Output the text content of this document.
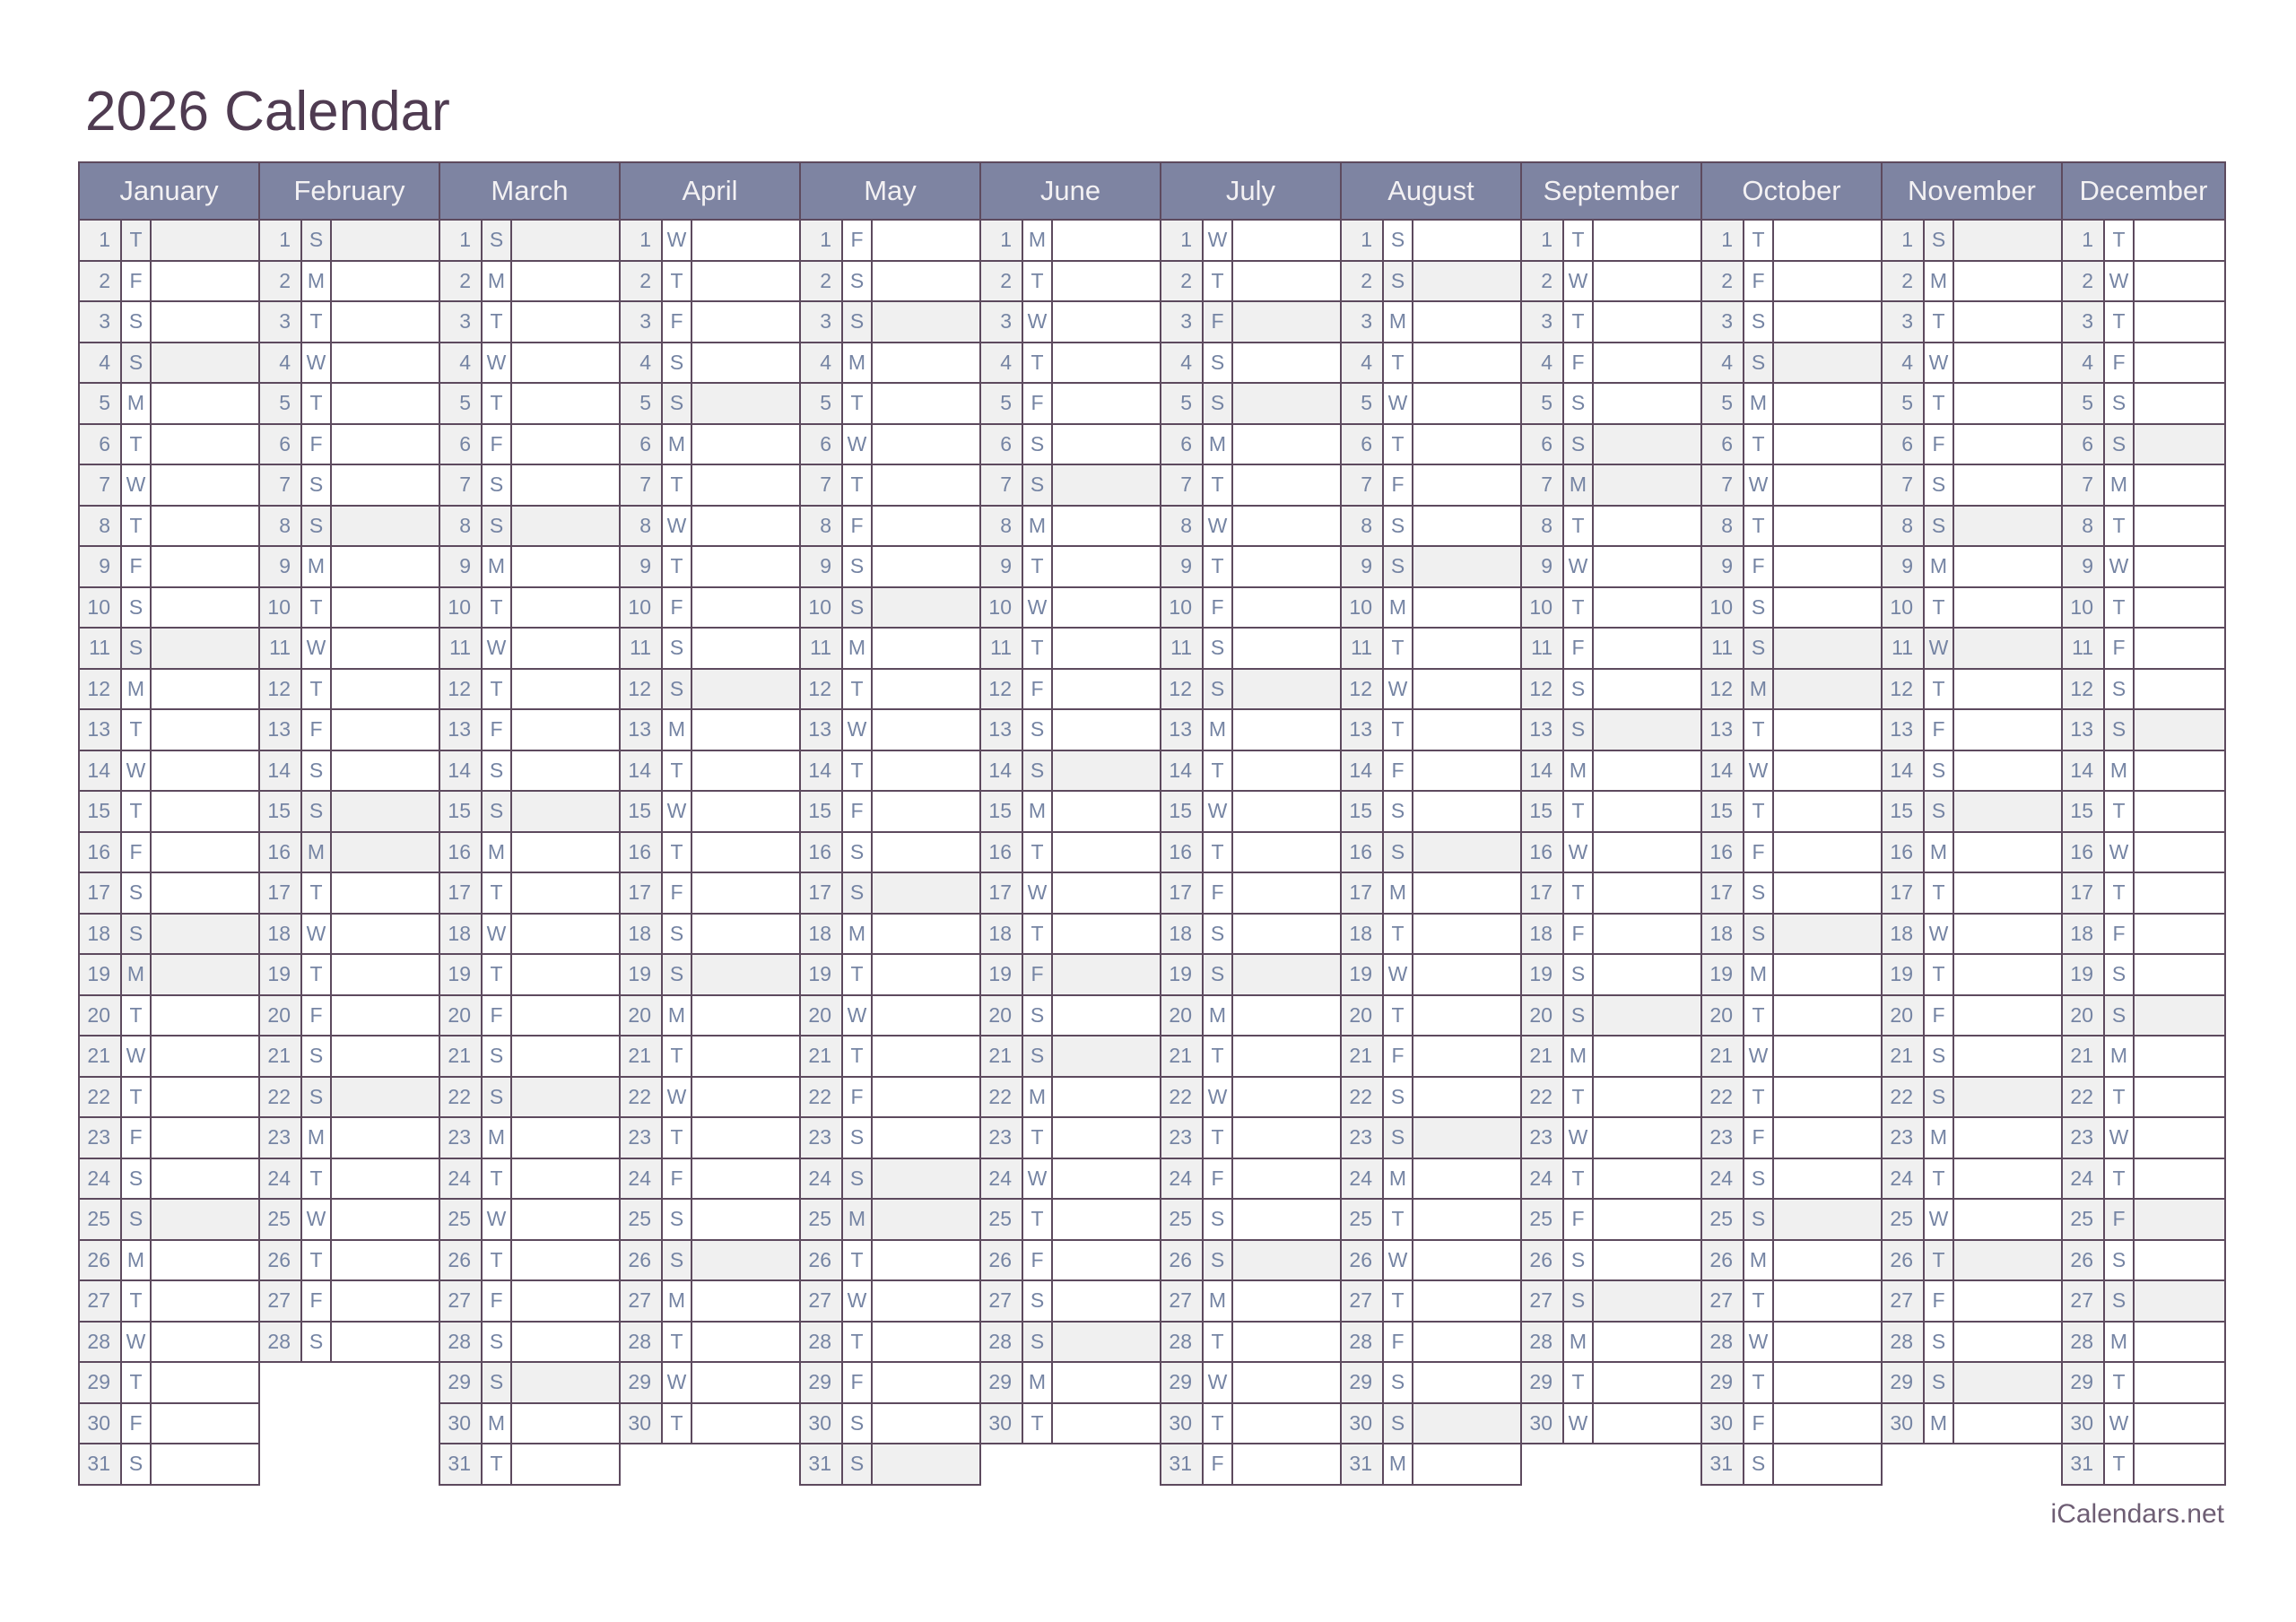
2026 Calendar
January			February			March			April			May			June			July			August			September			October			November			December		
1	T		1	S		1	S		1	W		1	F		1	M		1	W		1	S		1	T		1	T		1	S		1	T	
2	F		2	M		2	M		2	T		2	S		2	T		2	T		2	S		2	W		2	F		2	M		2	W	
3	S		3	T		3	T		3	F		3	S		3	W		3	F		3	M		3	T		3	S		3	T		3	T	
4	S		4	W		4	W		4	S		4	M		4	T		4	S		4	T		4	F		4	S		4	W		4	F	
5	M		5	T		5	T		5	S		5	T		5	F		5	S		5	W		5	S		5	M		5	T		5	S	
6	T		6	F		6	F		6	M		6	W		6	S		6	M		6	T		6	S		6	T		6	F		6	S	
7	W		7	S		7	S		7	T		7	T		7	S		7	T		7	F		7	M		7	W		7	S		7	M	
8	T		8	S		8	S		8	W		8	F		8	M		8	W		8	S		8	T		8	T		8	S		8	T	
9	F		9	M		9	M		9	T		9	S		9	T		9	T		9	S		9	W		9	F		9	M		9	W	
10	S		10	T		10	T		10	F		10	S		10	W		10	F		10	M		10	T		10	S		10	T		10	T	
11	S		11	W		11	W		11	S		11	M		11	T		11	S		11	T		11	F		11	S		11	W		11	F	
12	M		12	T		12	T		12	S		12	T		12	F		12	S		12	W		12	S		12	M		12	T		12	S	
13	T		13	F		13	F		13	M		13	W		13	S		13	M		13	T		13	S		13	T		13	F		13	S	
14	W		14	S		14	S		14	T		14	T		14	S		14	T		14	F		14	M		14	W		14	S		14	M	
15	T		15	S		15	S		15	W		15	F		15	M		15	W		15	S		15	T		15	T		15	S		15	T	
16	F		16	M		16	M		16	T		16	S		16	T		16	T		16	S		16	W		16	F		16	M		16	W	
17	S		17	T		17	T		17	F		17	S		17	W		17	F		17	M		17	T		17	S		17	T		17	T	
18	S		18	W		18	W		18	S		18	M		18	T		18	S		18	T		18	F		18	S		18	W		18	F	
19	M		19	T		19	T		19	S		19	T		19	F		19	S		19	W		19	S		19	M		19	T		19	S	
20	T		20	F		20	F		20	M		20	W		20	S		20	M		20	T		20	S		20	T		20	F		20	S	
21	W		21	S		21	S		21	T		21	T		21	S		21	T		21	F		21	M		21	W		21	S		21	M	
22	T		22	S		22	S		22	W		22	F		22	M		22	W		22	S		22	T		22	T		22	S		22	T	
23	F		23	M		23	M		23	T		23	S		23	T		23	T		23	S		23	W		23	F		23	M		23	W	
24	S		24	T		24	T		24	F		24	S		24	W		24	F		24	M		24	T		24	S		24	T		24	T	
25	S		25	W		25	W		25	S		25	M		25	T		25	S		25	T		25	F		25	S		25	W		25	F	
26	M		26	T		26	T		26	S		26	T		26	F		26	S		26	W		26	S		26	M		26	T		26	S	
27	T		27	F		27	F		27	M		27	W		27	S		27	M		27	T		27	S		27	T		27	F		27	S	
28	W		28	S		28	S		28	T		28	T		28	S		28	T		28	F		28	M		28	W		28	S		28	M	
29	T					29	S		29	W		29	F		29	M		29	W		29	S		29	T		29	T		29	S		29	T	
30	F					30	M		30	T		30	S		30	T		30	T		30	S		30	W		30	F		30	M		30	W	
31	S					31	T					31	S					31	F		31	M					31	S					31	T	
iCalendars.net
